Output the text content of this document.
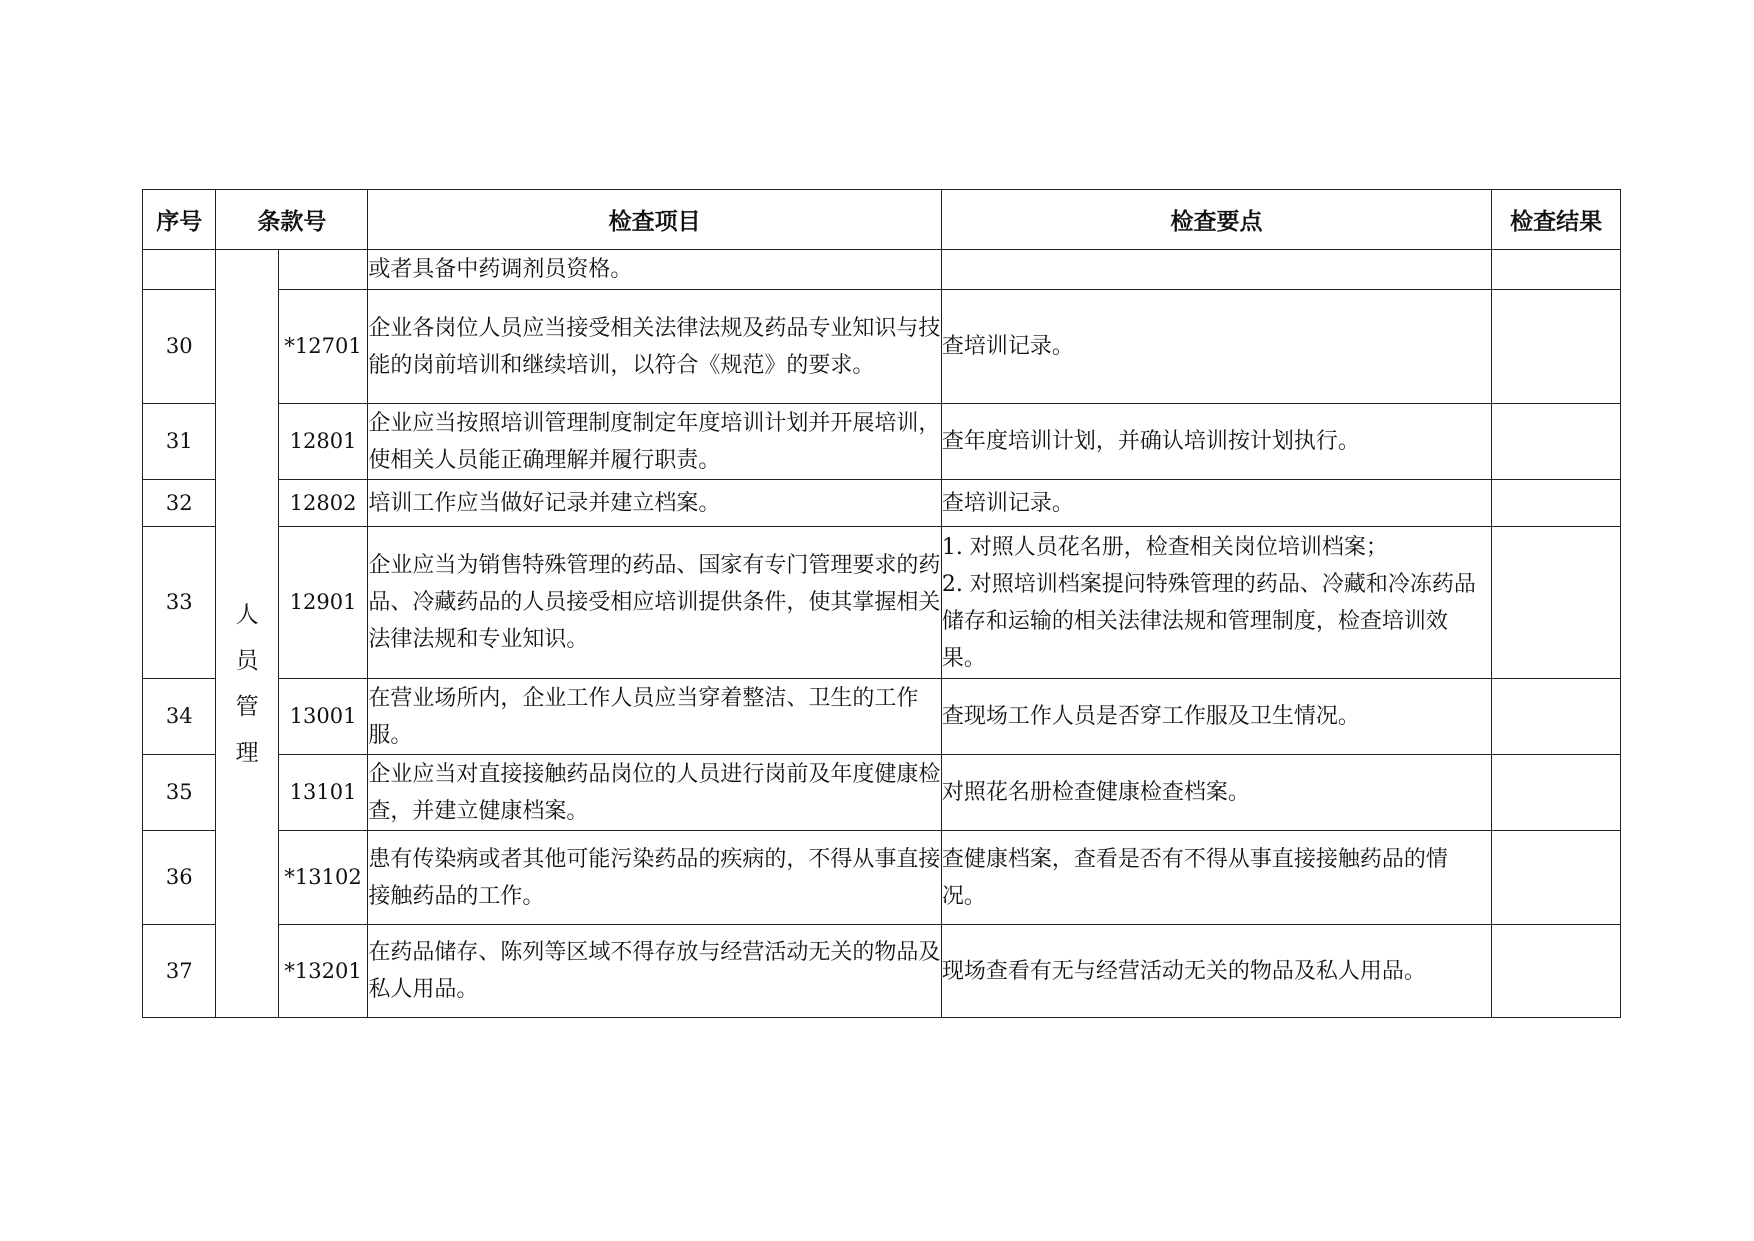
序号	条款号		检查项目	检查要点	检查结果

	人员管理		或者具备中药调剂员资格。		
30		*12701	企业各岗位人员应当接受相关法律法规及药品专业知识与技能的岗前培训和继续培训，以符合《规范》的要求。	查培训记录。	

31		12801	企业应当按照培训管理制度制定年度培训计划并开展培训，使相关人员能正确理解并履行职责。	查年度培训计划，并确认培训按计划执行。	

32		12802	培训工作应当做好记录并建立档案。	查培训记录。	

33		12901	企业应当为销售特殊管理的药品、国家有专门管理要求的药品、冷藏药品的人员接受相应培训提供条件，使其掌握相关法律法规和专业知识。	1. 对照人员花名册，检查相关岗位培训档案；
2. 对照培训档案提问特殊管理的药品、冷藏和冷冻药品储存和运输的相关法律法规和管理制度，检查培训效果。	

34		13001	在营业场所内，企业工作人员应当穿着整洁、卫生的工作服。	查现场工作人员是否穿工作服及卫生情况。	

35		13101	企业应当对直接接触药品岗位的人员进行岗前及年度健康检查，并建立健康档案。	对照花名册检查健康检查档案。	

36		*13102	患有传染病或者其他可能污染药品的疾病的，不得从事直接接触药品的工作。	查健康档案，查看是否有不得从事直接接触药品的情况。	

37		*13201	在药品储存、陈列等区域不得存放与经营活动无关的物品及私人用品。	现场查看有无与经营活动无关的物品及私人用品。	
